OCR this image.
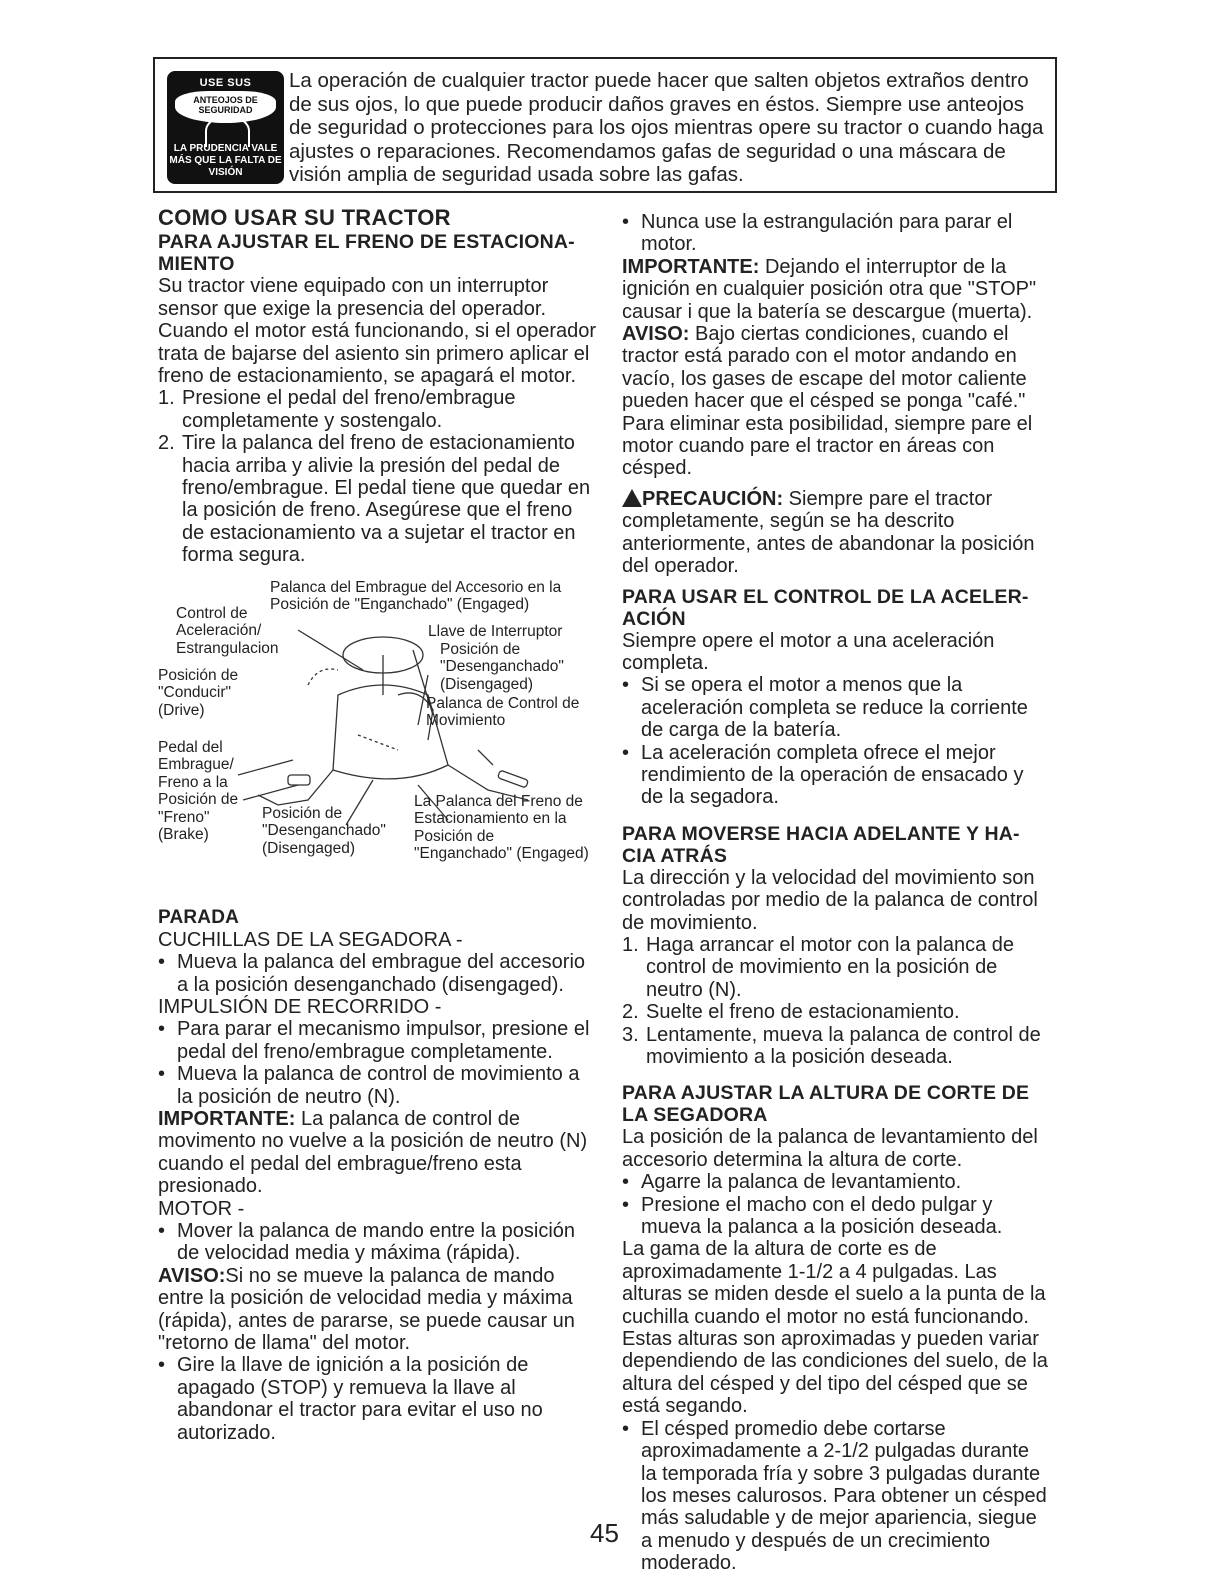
USE SUS
ANTEOJOS DE SEGURIDAD
LA PRUDENCIA VALE MÁS QUE LA FALTA DE VISIÓN
La operación de cualquier tractor puede hacer que salten objetos extraños dentro de sus ojos, lo que puede producir daños graves en éstos. Siempre use anteojos de seguridad o protecciones para los ojos mientras opere su tractor o cuando haga ajustes o reparaciones. Recomendamos gafas de seguridad o una máscara de visión amplia de seguridad usada sobre las gafas.
COMO USAR SU TRACTOR
PARA AJUSTAR EL FRENO DE ESTACIONA-MIENTO

Su tractor viene equipado con un interruptor sensor que exige la presencia del operador. Cuando el motor está funcionando, si el operador trata de bajarse del asiento sin primero aplicar el freno de estacionamiento, se apagará el motor.

1. Presione el pedal del freno/embrague completamente y sostengalo.
2. Tire la palanca del freno de estacionamiento hacia arriba y alivie la presión del pedal de freno/embrague. El pedal tiene que quedar en la posición de freno. Asegúrese que el freno de estacionamiento va a sujetar el tractor en forma segura.
Palanca del Embrague del Accesorio en la Posición de "Enganchado" (Engaged)
Control de Aceleración/ Estrangulacion
Llave de Interruptor
Posición de "Desenganchado" (Disengaged)
Posición de "Conducir" (Drive)	Palanca de Control de Movimiento
Pedal del Embrague/ Freno a la Posición de "Freno" (Brake)
Posición de "Desenganchado" (Disengaged)
La Palanca del Freno de Estacionamiento en la Posición de "Enganchado" (Engaged)
PARADA

CUCHILLAS DE LA SEGADORA -

• Mueva la palanca del embrague del accesorio a la posición desenganchado (disengaged).

IMPULSIÓN DE RECORRIDO -

• Para parar el mecanismo impulsor, presione el pedal del freno/embrague completamente.
• Mueva la palanca de control de movimiento a la posición de neutro (N).

IMPORTANTE: La palanca de control de movimento no vuelve a la posición de neutro (N) cuando el pedal del embrague/freno esta presionado.

MOTOR -

• Mover la palanca de mando entre la posición de velocidad media y máxima (rápida).

AVISO:Si no se mueve la palanca de mando entre la posición de velocidad media y máxima (rápida), antes de pararse, se puede causar un "retorno de llama" del motor.

• Gire la llave de ignición a la posición de apagado (STOP) y remueva la llave al abandonar el tractor para evitar el uso no autorizado.
• Nunca use la estrangulación para parar el motor.

IMPORTANTE: Dejando el interruptor de la ignición en cualquier posición otra que "STOP" causar i que la batería se descargue (muerta).

AVISO: Bajo ciertas condiciones, cuando el tractor está parado con el motor andando en vacío, los gases de escape del motor caliente pueden hacer que el césped se ponga "café." Para eliminar esta posibilidad, siempre pare el motor cuando pare el tractor en áreas con césped.

PRECAUCIÓN: Siempre pare el tractor completamente, según se ha descrito anteriormente, antes de abandonar la posición del operador.

PARA USAR EL CONTROL DE LA ACELER-ACIÓN

Siempre opere el motor a una aceleración completa.

• Si se opera el motor a menos que la aceleración completa se reduce la corriente de carga de la batería.
• La aceleración completa ofrece el mejor rendimiento de la operación de ensacado y de la segadora.
PARA MOVERSE HACIA ADELANTE Y HA-CIA ATRÁS

La dirección y la velocidad del movimiento son controladas por medio de la palanca de control de movimiento.

1. Haga arrancar el motor con la palanca de control de movimiento en la posición de neutro (N).
2. Suelte el freno de estacionamiento.
3. Lentamente, mueva la palanca de control de movimiento a la posición deseada.
PARA AJUSTAR LA ALTURA DE CORTE DE LA SEGADORA

La posición de la palanca de levantamiento del accesorio determina la altura de corte.

• Agarre la palanca de levantamiento.
• Presione el macho con el dedo pulgar y mueva la palanca a la posición deseada.

La gama de la altura de corte es de aproximadamente 1-1/2 a 4 pulgadas. Las alturas se miden desde el suelo a la punta de la cuchilla cuando el motor no está funcionando. Estas alturas son aproximadas y pueden variar dependiendo de las condiciones del suelo, de la altura del césped y del tipo del césped que se está segando.

• El césped promedio debe cortarse aproximadamente a 2-1/2 pulgadas durante la temporada fría y sobre 3 pulgadas durante los meses calurosos. Para obtener un césped más saludable y de mejor apariencia, siegue a menudo y después de un crecimiento moderado.
45
